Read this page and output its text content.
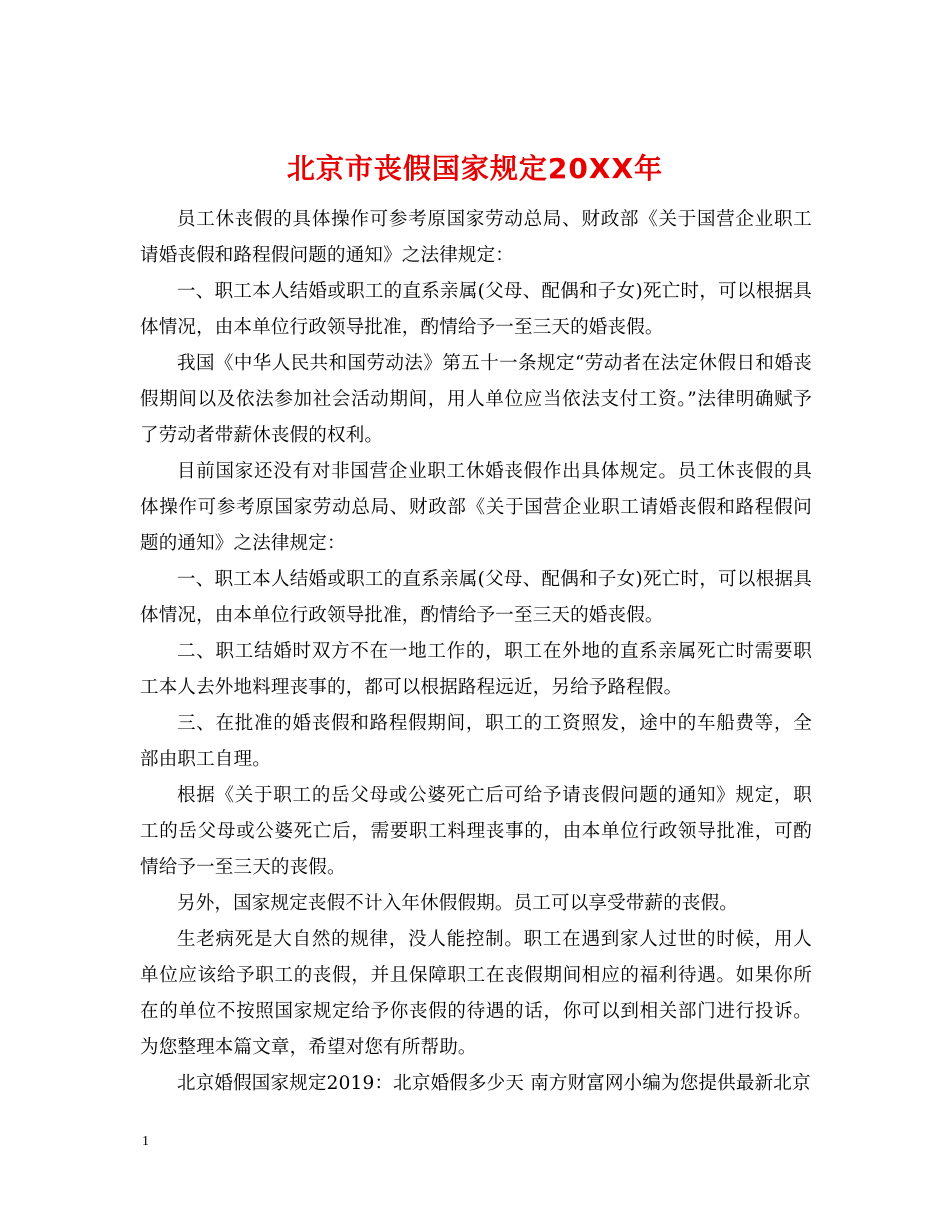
北京市丧假国家规定20XX年

员工休丧假的具体操作可参考原国家劳动总局、财政部《关于国营企业职工请婚丧假和路程假问题的通知》之法律规定：

一、职工本人结婚或职工的直系亲属(父母、配偶和子女)死亡时，可以根据具体情况，由本单位行政领导批准，酌情给予一至三天的婚丧假。

我国《中华人民共和国劳动法》第五十一条规定“劳动者在法定休假日和婚丧假期间以及依法参加社会活动期间，用人单位应当依法支付工资。”法律明确赋予了劳动者带薪休丧假的权利。

目前国家还没有对非国营企业职工休婚丧假作出具体规定。员工休丧假的具体操作可参考原国家劳动总局、财政部《关于国营企业职工请婚丧假和路程假问题的通知》之法律规定：

一、职工本人结婚或职工的直系亲属(父母、配偶和子女)死亡时，可以根据具体情况，由本单位行政领导批准，酌情给予一至三天的婚丧假。

二、职工结婚时双方不在一地工作的，职工在外地的直系亲属死亡时需要职工本人去外地料理丧事的，都可以根据路程远近，另给予路程假。

三、在批准的婚丧假和路程假期间，职工的工资照发，途中的车船费等，全部由职工自理。

根据《关于职工的岳父母或公婆死亡后可给予请丧假问题的通知》规定，职工的岳父母或公婆死亡后，需要职工料理丧事的，由本单位行政领导批准，可酌情给予一至三天的丧假。

另外，国家规定丧假不计入年休假假期。员工可以享受带薪的丧假。

生老病死是大自然的规律，没人能控制。职工在遇到家人过世的时候，用人单位应该给予职工的丧假，并且保障职工在丧假期间相应的福利待遇。如果你所在的单位不按照国家规定给予你丧假的待遇的话，你可以到相关部门进行投诉。为您整理本篇文章，希望对您有所帮助。

北京婚假国家规定2019：北京婚假多少天 南方财富网小编为您提供最新北京

1
